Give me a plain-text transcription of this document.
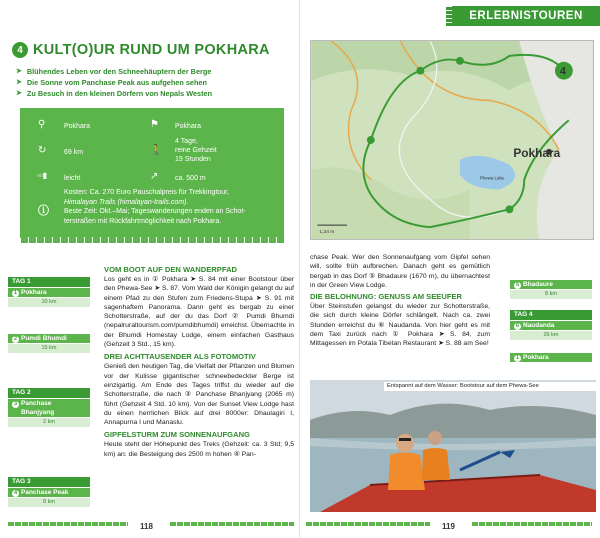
4 KULT(O)UR RUND UM POKHARA
➤ Blühendes Leben vor den Schneehäuptern der Berge
➤ Die Sonne vom Panchase Peak aus aufgehen sehen
➤ Zu Besuch in den kleinen Dörfern von Nepals Westen
⚲	Pokhara	⚑ Pokhara
↻	69 km	🚶
4 Tage,
reine Gehzeit
19 Stunden
▫▫▮ leicht	↗ ca. 500 m
ⓘ
Kosten: Ca. 270 Euro Pauschalpreis für Trekkingtour,
Himalayan Trails (himalayan-trails.com).
Beste Zeit: Okt.–Mai; Tageswanderungen enden an Schot-
terstraßen mit Rückfahrtmöglichkeit nach Pokhara.
TAG 1
1 Pokhara
10 km
2 Pumdi Bhumdi
15 km
TAG 2
3 Panchase
Bhanjyang
2 km
TAG 3
4 Panchase Peak
8 km
VOM BOOT AUF DEN WANDERPFAD

Los geht es in ① Pokhara ➤ S. 84 mit einer Bootstour über den Phewa-See ➤ S. 87. Vom Wald der Königin gelangt du auf einem Pfad zu den Stufen zum Friedens-Stupa ➤ S. 91 mit sagenhaftem Panorama. Dann geht es bergab zu einer Schotterstraße, auf der du das Dorf ② Pumdi Bhumdi (nepalruraltourism.com/pumdibhumdi) erreichst. Übernachte in der Bhumdi Homestay Lodge, einem einfachen Gasthaus (Gehzeit 3 Std., 15 km).

DREI ACHTTAUSENDER ALS FOTOMOTIV

Genieß den heutigen Tag, die Vielfalt der Pflanzen und Blumen vor der Kulisse gigantischer schneebedeckter Berge ist einzigartig. Am Ende des Tages triffst du wieder auf die Schotterstraße, die nach ③ Panchase Bhanjyang (2065 m) führt (Gehzeit 4 Std. 10 km). Von der Sunset View Lodge hast du einen herrlichen Blick auf drei 8000er: Dhaulagiri I, Annapurna I und Manaslu.

GIPFELSTURM ZUM SONNENAUFGANG

Heute steht der Höhepunkt des Treks (Gehzeit: ca. 3 Std; 9,5 km) an: die Besteigung des 2500 m hohen ④ Pan-

118
ERLEBNISTOUREN
4
Pokhara
Phewa Lake
1,24 m

chase Peak. Wer den Sonnenaufgang vom Gipfel sehen will, sollte früh aufbrechen. Danach geht es gemütlich bergab in das Dorf ⑤ Bhadaure (1670 m), du übernachtest in der Green View Lodge.

DIE BELOHNUNG: GENUSS AM SEEUFER

Über Steinstufen gelangst du wieder zur Schotterstraße, die sich durch kleine Dörfer schlängelt. Nach ca. zwei Stunden erreichst du ⑥ Naudanda. Von hier geht es mit dem Taxi zurück nach ① Pokhara ➤ S. 84, zum Mittagessen im Potala Tibetan Restaurant ➤ S. 88 am See!

5 Bhadaure
8 km
TAG 4
6 Naudanda
26 km
1 Pokhara
Entspannt auf dem Wasser: Bootstour auf dem Phewa-See
119
